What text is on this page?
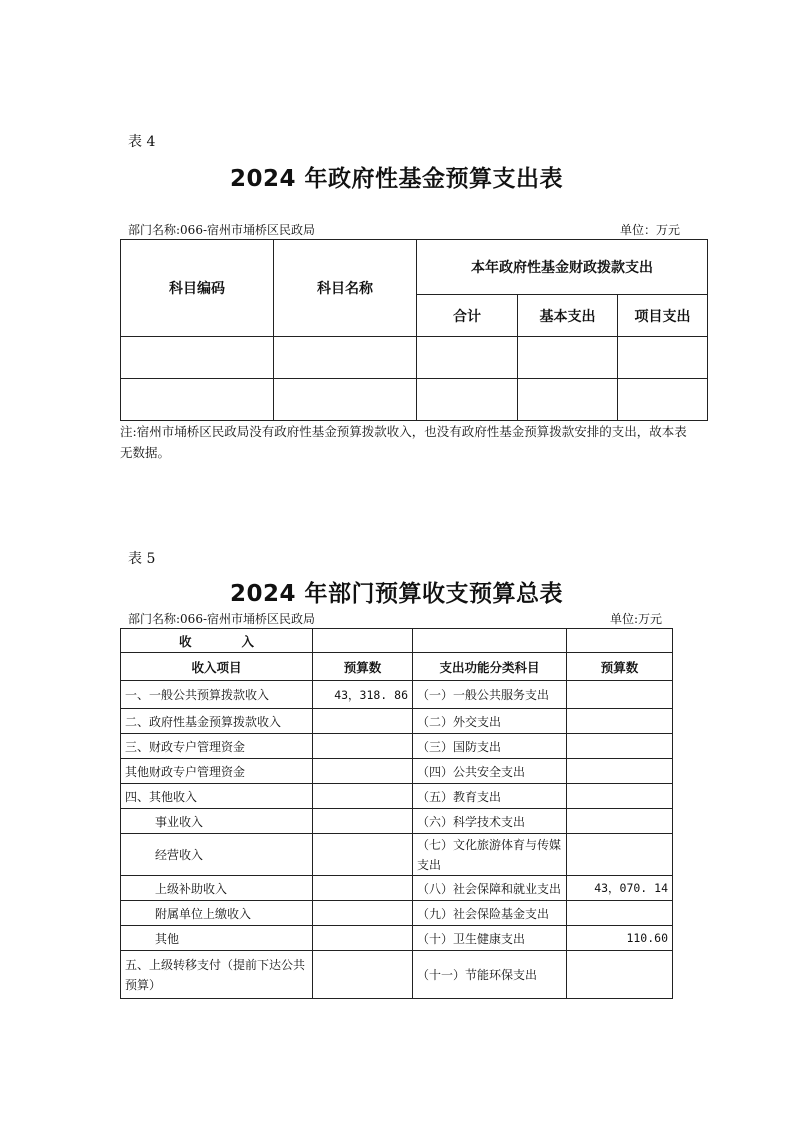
表 4
2024 年政府性基金预算支出表
部门名称:066-宿州市埇桥区民政局	单位：万元
科目编码	科目名称	本年政府性基金财政拨款支出		
		合计	基本支出	项目支出

注:宿州市埇桥区民政局没有政府性基金预算拨款收入，也没有政府性基金预算拨款安排的支出，故本表无数据。
表 5
2024 年部门预算收支预算总表
部门名称:066-宿州市埇桥区民政局	单位:万元
收　　　　入			
收入项目	预算数	支出功能分类科目	预算数
一、一般公共预算拨款收入	43，318. 86	（一）一般公共服务支出	
二、政府性基金预算拨款收入		（二）外交支出	
三、财政专户管理资金		（三）国防支出	
其他财政专户管理资金		（四）公共安全支出	
四、其他收入		（五）教育支出	
事业收入		（六）科学技术支出	
经营收入		（七）文化旅游体育与传媒支出	
上级补助收入		（八）社会保障和就业支出	43，070. 14
附属单位上缴收入		（九）社会保险基金支出	
其他		（十）卫生健康支出	110.60
五、上级转移支付（提前下达公共预算）		（十一）节能环保支出	
